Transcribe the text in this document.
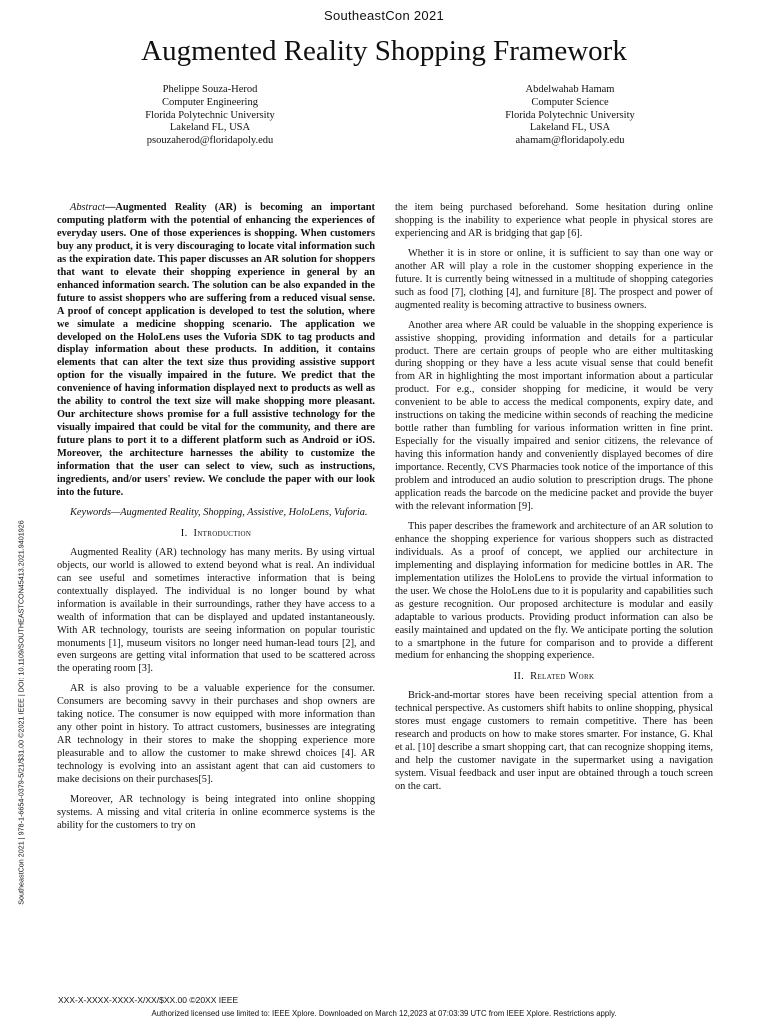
SoutheastCon 2021
Augmented Reality Shopping Framework
Phelippe Souza-Herod
Computer Engineering
Florida Polytechnic University
Lakeland FL, USA
psouzaherod@floridapoly.edu
Abdelwahab Hamam
Computer Science
Florida Polytechnic University
Lakeland FL, USA
ahamam@floridapoly.edu

Abstract—Augmented Reality (AR) is becoming an important computing platform with the potential of enhancing the experiences of everyday users. One of those experiences is shopping. When customers buy any product, it is very discouraging to locate vital information such as the expiration date. This paper discusses an AR solution for shoppers that want to elevate their shopping experience in general by an enhanced information search. The solution can be also expanded in the future to assist shoppers who are suffering from a reduced visual sense. A proof of concept application is developed to test the solution, where we simulate a medicine shopping scenario. The application we developed on the HoloLens uses the Vuforia SDK to tag products and display information about these products. In addition, it contains elements that can alter the text size thus providing assistive support option for the visually impaired in the future. We predict that the convenience of having information displayed next to products as well as the ability to control the text size will make shopping more pleasant. Our architecture shows promise for a full assistive technology for the visually impaired that could be vital for the community, and there are future plans to port it to a different platform such as Android or iOS. Moreover, the architecture harnesses the ability to customize the information that the user can select to view, such as instructions, ingredients, and/or users' review. We conclude the paper with our look into the future.

Keywords—Augmented Reality, Shopping, Assistive, HoloLens, Vuforia.

I. Introduction

Augmented Reality (AR) technology has many merits. By using virtual objects, our world is allowed to extend beyond what is real. An individual can see useful and sometimes interactive information that is being contextually displayed. The individual is no longer bound by what information is available in their surroundings, rather they have access to a wealth of information that can be displayed and updated instantaneously. With AR technology, tourists are seeing information on popular touristic monuments [1], museum visitors no longer need human-lead tours [2], and even surgeons are getting vital information that used to be scattered across the operating room [3].

AR is also proving to be a valuable experience for the consumer. Consumers are becoming savvy in their purchases and shop owners are taking notice. The consumer is now equipped with more information than any other point in history. To attract customers, businesses are integrating AR technology in their stores to make the shopping experience more pleasurable and to allow the customer to make shrewd choices [4]. AR technology is evolving into an assistant agent that can aid customers to make decisions on their purchases[5].

Moreover, AR technology is being integrated into online shopping systems. A missing and vital criteria in online ecommerce systems is the ability for the customers to try on

the item being purchased beforehand. Some hesitation during online shopping is the inability to experience what people in physical stores are experiencing and AR is bridging that gap [6].

Whether it is in store or online, it is sufficient to say than one way or another AR will play a role in the customer shopping experience in the future. It is currently being witnessed in a multitude of shopping categories such as food [7], clothing [4], and furniture [8]. The prospect and power of augmented reality is becoming attractive to business owners.

Another area where AR could be valuable in the shopping experience is assistive shopping, providing information and details for a particular product. There are certain groups of people who are either multitasking during shopping or they have a less acute visual sense that could benefit from AR in highlighting the most important information about a particular product. For e.g., consider shopping for medicine, it would be very convenient to be able to access the medical components, expiry date, and instructions on taking the medicine within seconds of reaching the medicine bottle rather than fumbling for various information written in fine print. Especially for the visually impaired and senior citizens, the relevance of having this information handy and conveniently displayed becomes of dire importance. Recently, CVS Pharmacies took notice of the importance of this problem and introduced an audio solution to prescription drugs. The phone application reads the barcode on the medicine packet and provide the buyer with the relevant information [9].

This paper describes the framework and architecture of an AR solution to enhance the shopping experience for various shoppers such as distracted individuals. As a proof of concept, we applied our architecture in implementing and displaying information for medicine bottles in AR. The implementation utilizes the HoloLens to provide the virtual information to the user. We chose the HoloLens due to it is popularity and capabilities such as gesture recognition. Our proposed architecture is modular and easily adaptable to various products. Providing product information can also be easily maintained and updated on the fly. We anticipate porting the solution to a smartphone in the future for comparison and to provide a different medium for enhancing the shopping experience.

II. Related Work

Brick-and-mortar stores have been receiving special attention from a technical perspective. As customers shift habits to online shopping, physical stores must engage customers to remain competitive. There has been research and products on how to make stores smarter. For instance, G. Khal et al. [10] describe a smart shopping cart, that can recognize shopping items, and help the customer navigate in the supermarket using a navigation system. Visual feedback and user input are obtained through a touch screen on the cart.

SoutheastCon 2021 | 978-1-6654-0379-5/21/$31.00 ©2021 IEEE | DOI: 10.1109/SOUTHEASTCON45413.2021.9401926
XXX-X-XXXX-XXXX-X/XX/$XX.00 ©20XX IEEE
Authorized licensed use limited to: IEEE Xplore. Downloaded on March 12,2023 at 07:03:39 UTC from IEEE Xplore. Restrictions apply.
